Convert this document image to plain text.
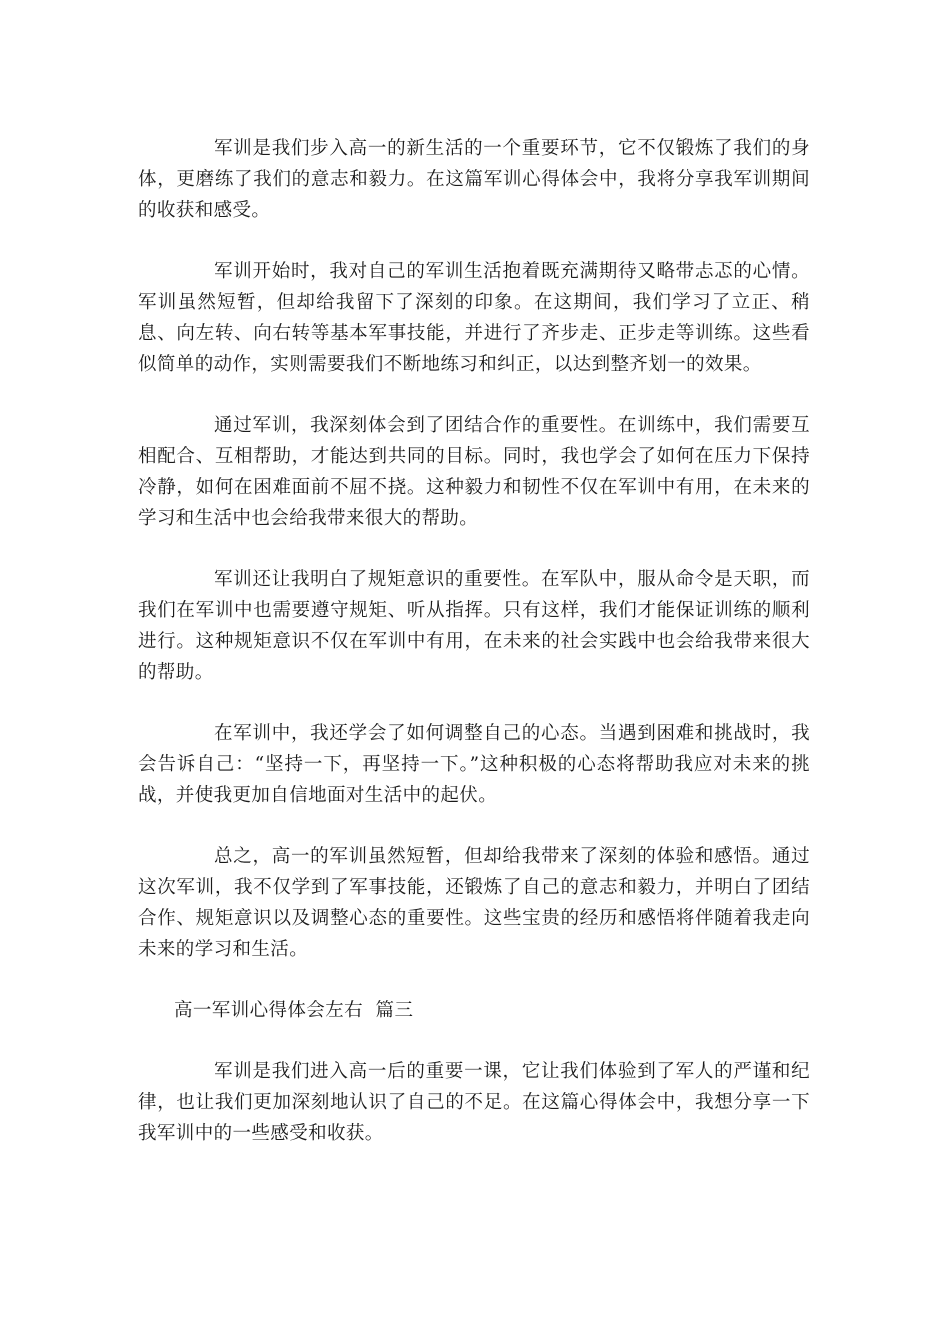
军训是我们步入高一的新生活的一个重要环节，它不仅锻炼了我们的身体，更磨练了我们的意志和毅力。在这篇军训心得体会中，我将分享我军训期间的收获和感受。

军训开始时，我对自己的军训生活抱着既充满期待又略带忐忑的心情。军训虽然短暂，但却给我留下了深刻的印象。在这期间，我们学习了立正、稍息、向左转、向右转等基本军事技能，并进行了齐步走、正步走等训练。这些看似简单的动作，实则需要我们不断地练习和纠正，以达到整齐划一的效果。

通过军训，我深刻体会到了团结合作的重要性。在训练中，我们需要互相配合、互相帮助，才能达到共同的目标。同时，我也学会了如何在压力下保持冷静，如何在困难面前不屈不挠。这种毅力和韧性不仅在军训中有用，在未来的学习和生活中也会给我带来很大的帮助。

军训还让我明白了规矩意识的重要性。在军队中，服从命令是天职，而我们在军训中也需要遵守规矩、听从指挥。只有这样，我们才能保证训练的顺利进行。这种规矩意识不仅在军训中有用，在未来的社会实践中也会给我带来很大的帮助。

在军训中，我还学会了如何调整自己的心态。当遇到困难和挑战时，我会告诉自己：“坚持一下，再坚持一下。”这种积极的心态将帮助我应对未来的挑战，并使我更加自信地面对生活中的起伏。

总之，高一的军训虽然短暂，但却给我带来了深刻的体验和感悟。通过这次军训，我不仅学到了军事技能，还锻炼了自己的意志和毅力，并明白了团结合作、规矩意识以及调整心态的重要性。这些宝贵的经历和感悟将伴随着我走向未来的学习和生活。

高一军训心得体会左右  篇三

军训是我们进入高一后的重要一课，它让我们体验到了军人的严谨和纪律，也让我们更加深刻地认识了自己的不足。在这篇心得体会中，我想分享一下我军训中的一些感受和收获。
